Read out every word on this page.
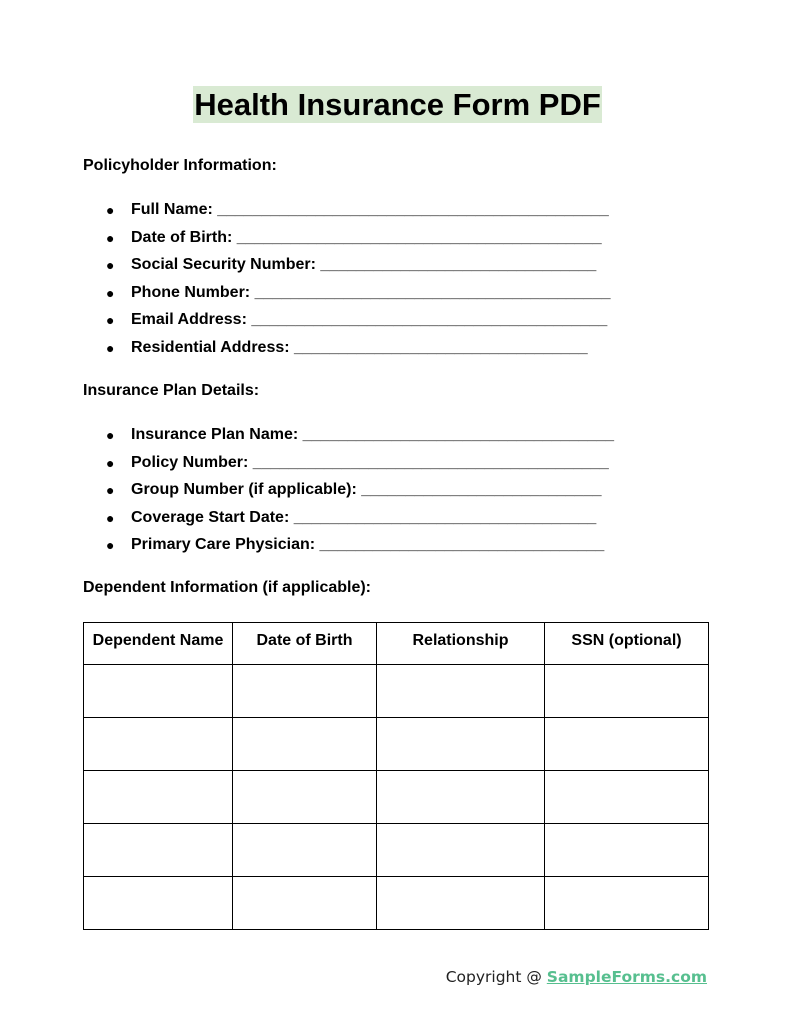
Health Insurance Form PDF
Policyholder Information:
● Full Name: ____________________________________________
● Date of Birth: _________________________________________
● Social Security Number: _______________________________
● Phone Number: ________________________________________
● Email Address: ________________________________________
● Residential Address: _________________________________
Insurance Plan Details:
● Insurance Plan Name: ___________________________________
● Policy Number: ________________________________________
● Group Number (if applicable): ___________________________
● Coverage Start Date: __________________________________
● Primary Care Physician: ________________________________
Dependent Information (if applicable):
Dependent Name	Date of Birth	Relationship	SSN (optional)

Copyright @ SampleForms.com
